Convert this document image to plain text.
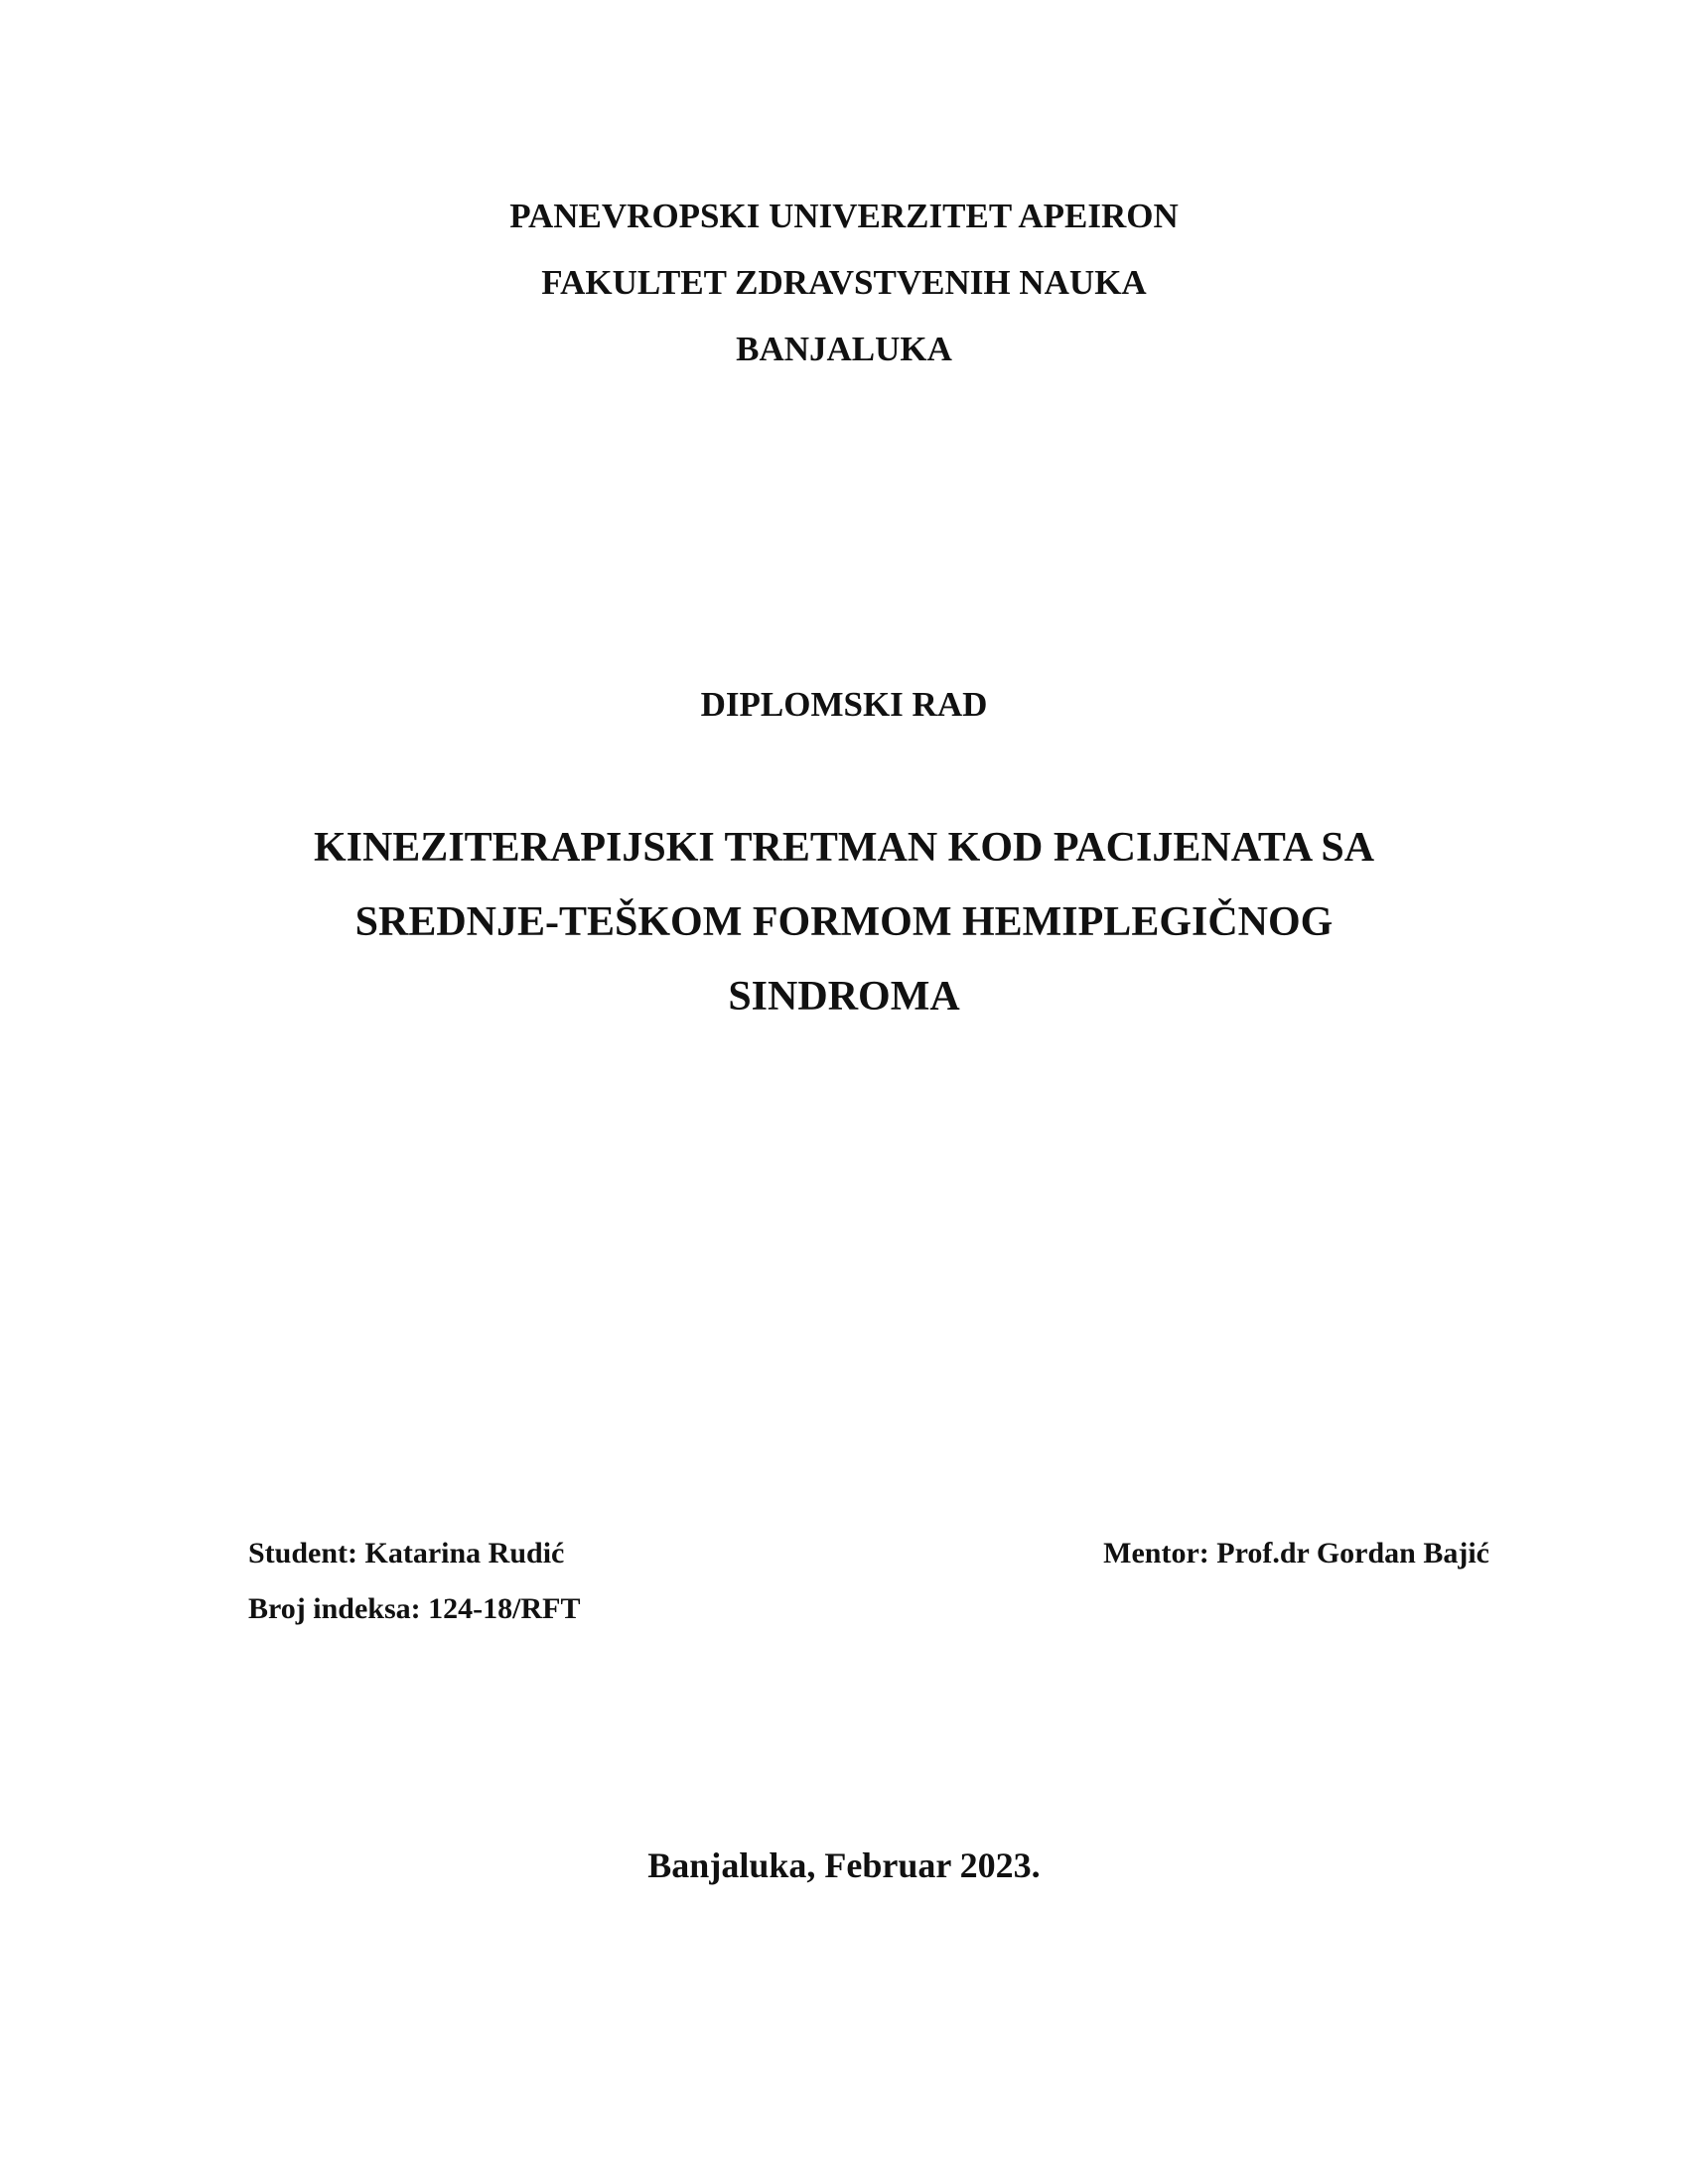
PANEVROPSKI UNIVERZITET APEIRON
FAKULTET ZDRAVSTVENIH NAUKA
BANJALUKA
DIPLOMSKI RAD
KINEZITERAPIJSKI TRETMAN KOD PACIJENATA SA
SREDNJE-TEŠKOM FORMOM HEMIPLEGIČNOG
SINDROMA
Student: Katarina Rudić
Broj indeksa: 124-18/RFT
Mentor: Prof.dr Gordan Bajić
Banjaluka, Februar 2023.
